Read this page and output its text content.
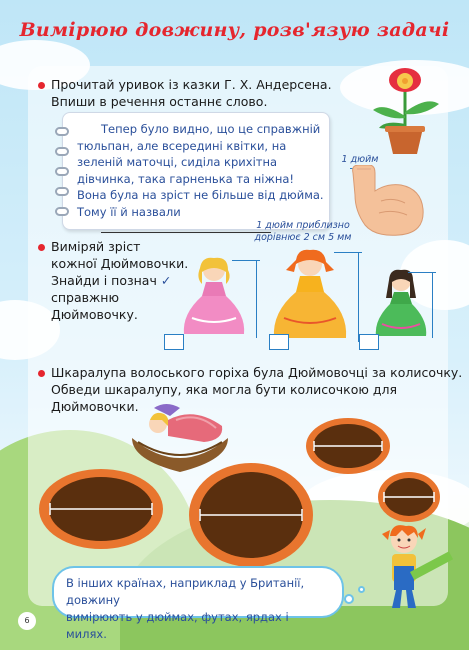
Вимірюю довжину, розв'язую задачі
Прочитай уривок із казки Г. Х. Андерсена.
Впиши в речення останнє слово.
Тепер було видно, що це справжній тюльпан, але всередині квітки, на зеленій маточці, сиділа крихітна дівчинка, така гарненька та ніжна! Вона була на зріст не більше від дюйма. Тому її й назвали
1 дюйм
1 дюйм приблизно
дорівнює 2 см 5 мм
Виміряй зріст
кожної Дюймовочки.
Знайди і познач ✓
справжню
Дюймовочку.
Шкаралупа волоського горіха була Дюймовочці за колисочку.
Обведи шкаралупу, яка могла бути колисочкою для Дюймовочки.
В інших країнах, наприклад у Британії, довжину
вимірюють у дюймах, футах, ярдах і милях.
6
